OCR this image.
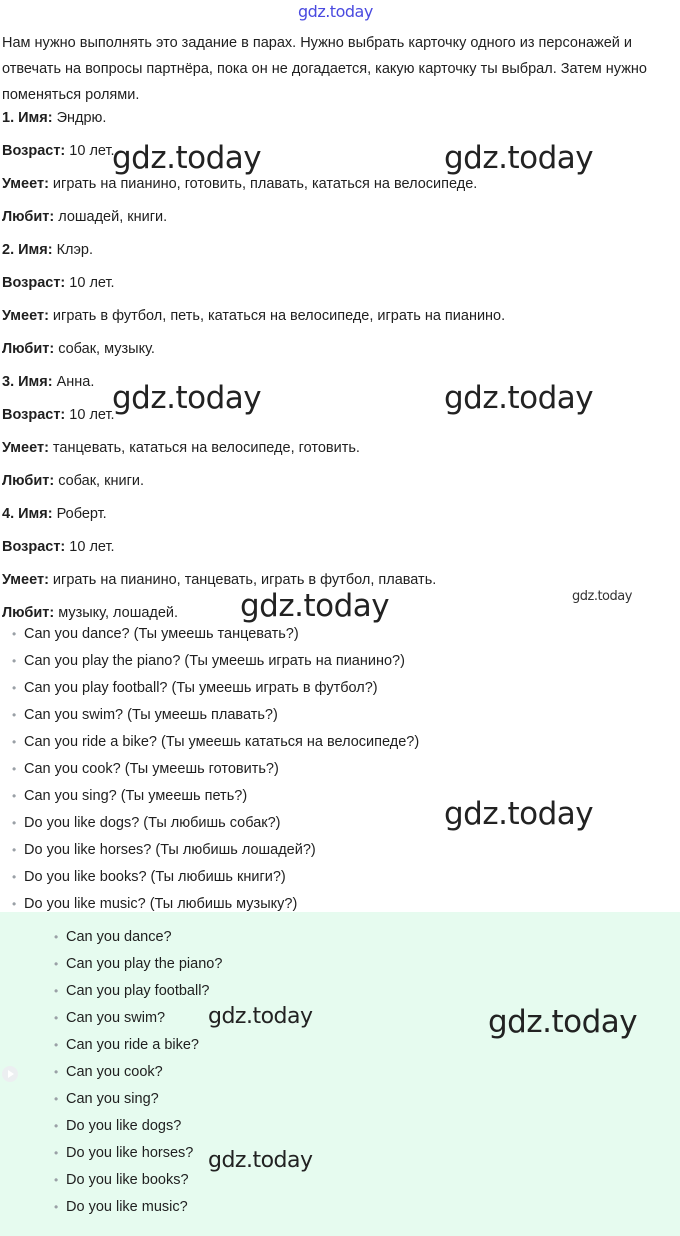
gdz.today

Нам нужно выполнять это задание в парах. Нужно выбрать карточку одного из персонажей и отвечать на вопросы партнёра, пока он не догадается, какую карточку ты выбрал. Затем нужно поменяться ролями.

1. Имя: Эндрю.

Возраст: 10 лет.

Умеет: играть на пианино, готовить, плавать, кататься на велосипеде.

Любит: лошадей, книги.

2. Имя: Клэр.

Возраст: 10 лет.

Умеет: играть в футбол, петь, кататься на велосипеде, играть на пианино.

Любит: собак, музыку.

3. Имя: Анна.

Возраст: 10 лет.

Умеет: танцевать, кататься на велосипеде, готовить.

Любит: собак, книги.

4. Имя: Роберт.

Возраст: 10 лет.

Умеет: играть на пианино, танцевать, играть в футбол, плавать.

Любит: музыку, лошадей.

• Can you dance? (Ты умеешь танцевать?)
• Can you play the piano? (Ты умеешь играть на пианино?)
• Can you play football? (Ты умеешь играть в футбол?)
• Can you swim? (Ты умеешь плавать?)
• Can you ride a bike? (Ты умеешь кататься на велосипеде?)
• Can you cook? (Ты умеешь готовить?)
• Can you sing? (Ты умеешь петь?)
• Do you like dogs? (Ты любишь собак?)
• Do you like horses? (Ты любишь лошадей?)
• Do you like books? (Ты любишь книги?)
• Do you like music? (Ты любишь музыку?)
• Can you dance?
• Can you play the piano?
• Can you play football?
• Can you swim?
• Can you ride a bike?
• Can you cook?
• Can you sing?
• Do you like dogs?
• Do you like horses?
• Do you like books?
• Do you like music?
gdz.today	gdz.today
gdz.today	gdz.today
gdz.today	gdz.today
gdz.today
gdz.today	gdz.today
gdz.today
